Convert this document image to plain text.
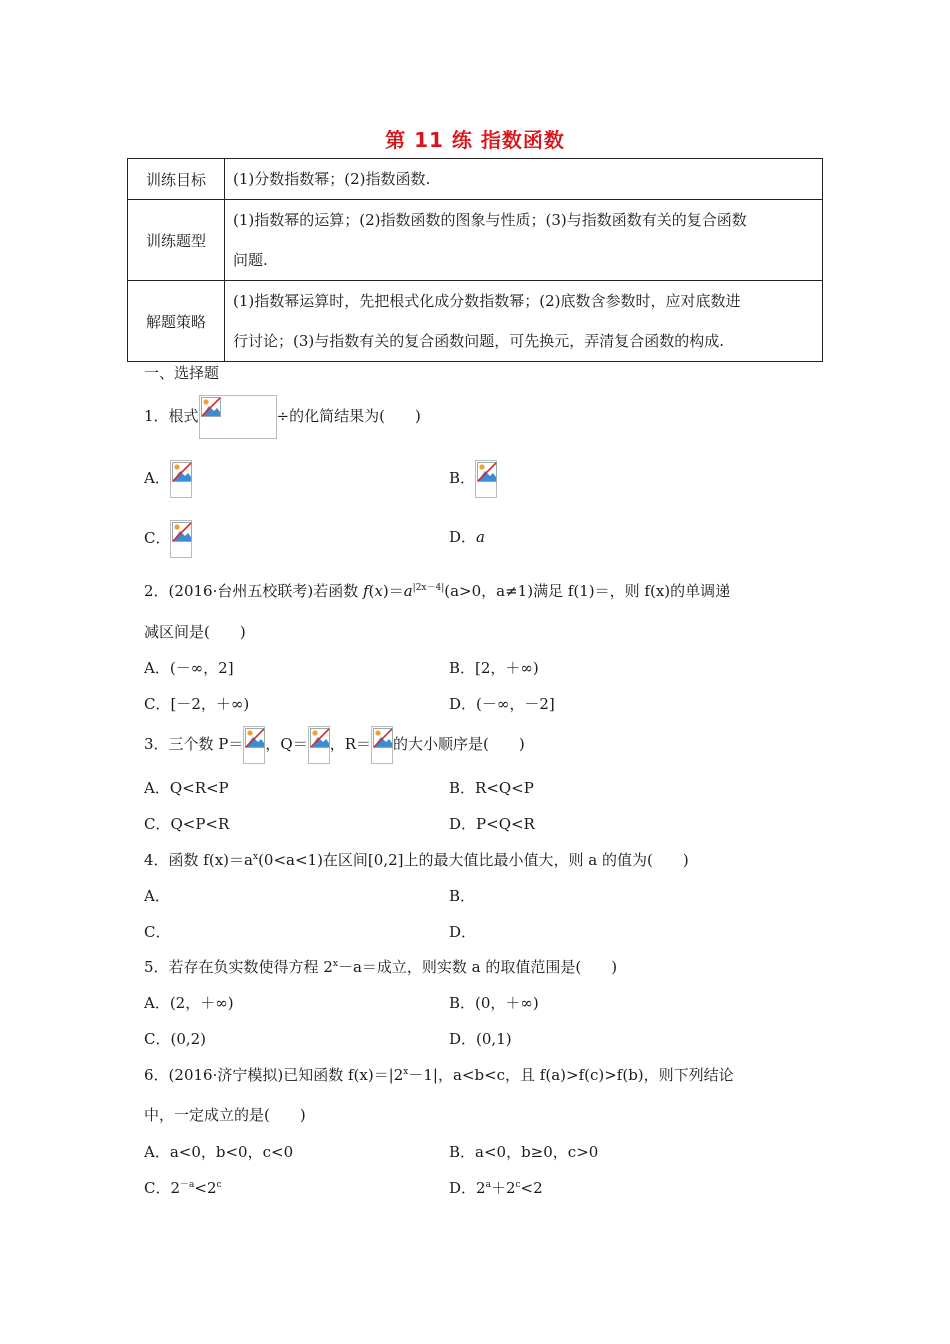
第 11 练 指数函数
训练目标	(1)分数指数幂；(2)指数函数.
训练题型	(1)指数幂的运算；(2)指数函数的图象与性质；(3)与指数函数有关的复合函数
问题.

解题策略	(1)指数幂运算时，先把根式化成分数指数幂；(2)底数含参数时，应对底数进
行讨论；(3)与指数有关的复合函数问题，可先换元，弄清复合函数的构成.
一、选择题
1．根式	÷的化简结果为(　　)
A．	B．
C．	D．a
2．(2016·台州五校联考)若函数 $f(x)=a^{|2x-4|}(a>0$，a≠1)满足 f(1)＝，则 f(x)的单调递
减区间是(　　)
A．(－∞，2]	B．[2，＋∞)
C．[－2，＋∞)	D．(－∞，－2]
3．三个数 P＝ ，Q＝ ，R＝ 的大小顺序是(　　)
A．Q<R<P	B．R<Q<P
C．Q<P<R	D．P<Q<R
4．函数 $f(x)=a^x(0<a<1)$在区间[0,2]上的最大值比最小值大，则 a 的值为(　　)
A．	B．
C．	D．
5．若存在负实数使得方程 $2^x-a=$成立，则实数 a 的取值范围是(　　)
A．(2，＋∞)	B．(0，＋∞)
C．(0,2)	D．(0,1)
6．(2016·济宁模拟)已知函数 $f(x)=|2^x-1|$，a<b<c，且 f(a)>f(c)>f(b)，则下列结论
中，一定成立的是(　　)
A．a<0，b<0，c<0	B．a<0，b≥0，c>0
C．$2^{-a}<2^c$	D．$2^a+2^c<2$
